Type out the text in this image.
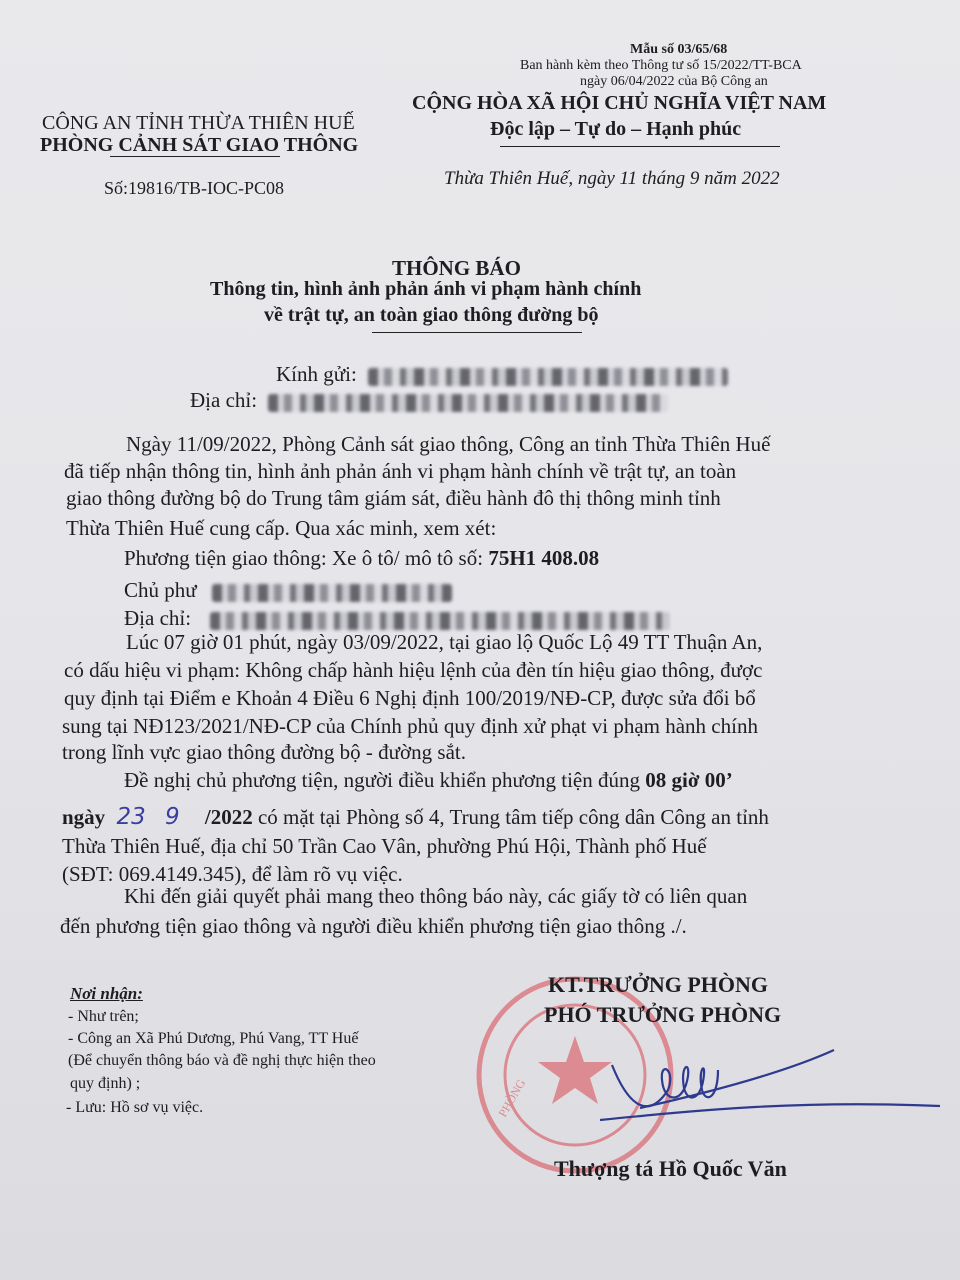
Mẫu số 03/65/68
Ban hành kèm theo Thông tư số 15/2022/TT-BCA
ngày 06/04/2022 của Bộ Công an
CÔNG AN TỈNH THỪA THIÊN HUẾ
PHÒNG CẢNH SÁT GIAO THÔNG
CỘNG HÒA XÃ HỘI CHỦ NGHĨA VIỆT NAM
Độc lập – Tự do – Hạnh phúc
Số:19816/TB-IOC-PC08	Thừa Thiên Huế, ngày 11 tháng 9 năm 2022
THÔNG BÁO
Thông tin, hình ảnh phản ánh vi phạm hành chính
về trật tự, an toàn giao thông đường bộ
Kính gửi:
Địa chỉ:
Ngày 11/09/2022, Phòng Cảnh sát giao thông, Công an tỉnh Thừa Thiên Huế
đã tiếp nhận thông tin, hình ảnh phản ánh vi phạm hành chính về trật tự, an toàn
giao thông đường bộ do Trung tâm giám sát, điều hành đô thị thông minh tỉnh
Thừa Thiên Huế cung cấp. Qua xác minh, xem xét:
Phương tiện giao thông: Xe ô tô/ mô tô số: 75H1 408.08
Chủ phư
Địa chỉ:
Lúc 07 giờ 01 phút, ngày 03/09/2022, tại giao lộ Quốc Lộ 49 TT Thuận An,
có dấu hiệu vi phạm: Không chấp hành hiệu lệnh của đèn tín hiệu giao thông, được
quy định tại Điểm e Khoản 4 Điều 6 Nghị định 100/2019/NĐ-CP, được sửa đổi bổ
sung tại NĐ123/2021/NĐ-CP của Chính phủ quy định xử phạt vi phạm hành chính
trong lĩnh vực giao thông đường bộ - đường sắt.
Đề nghị chủ phương tiện, người điều khiển phương tiện đúng 08 giờ 00’
ngày 23 9 /2022 có mặt tại Phòng số 4, Trung tâm tiếp công dân Công an tỉnh
Thừa Thiên Huế, địa chỉ 50 Trần Cao Vân, phường Phú Hội, Thành phố Huế
(SĐT: 069.4149.345), để làm rõ vụ việc.
Khi đến giải quyết phải mang theo thông báo này, các giấy tờ có liên quan
đến phương tiện giao thông và người điều khiển phương tiện giao thông ./.
Nơi nhận:
- Như trên;
- Công an Xã Phú Dương, Phú Vang, TT Huế
(Để chuyển thông báo và đề nghị thực hiện theo
quy định) ;
- Lưu: Hồ sơ vụ việc.	PHÒNG
KT.TRƯỞNG PHÒNG
PHÓ TRƯỞNG PHÒNG
Thượng tá Hồ Quốc Văn
